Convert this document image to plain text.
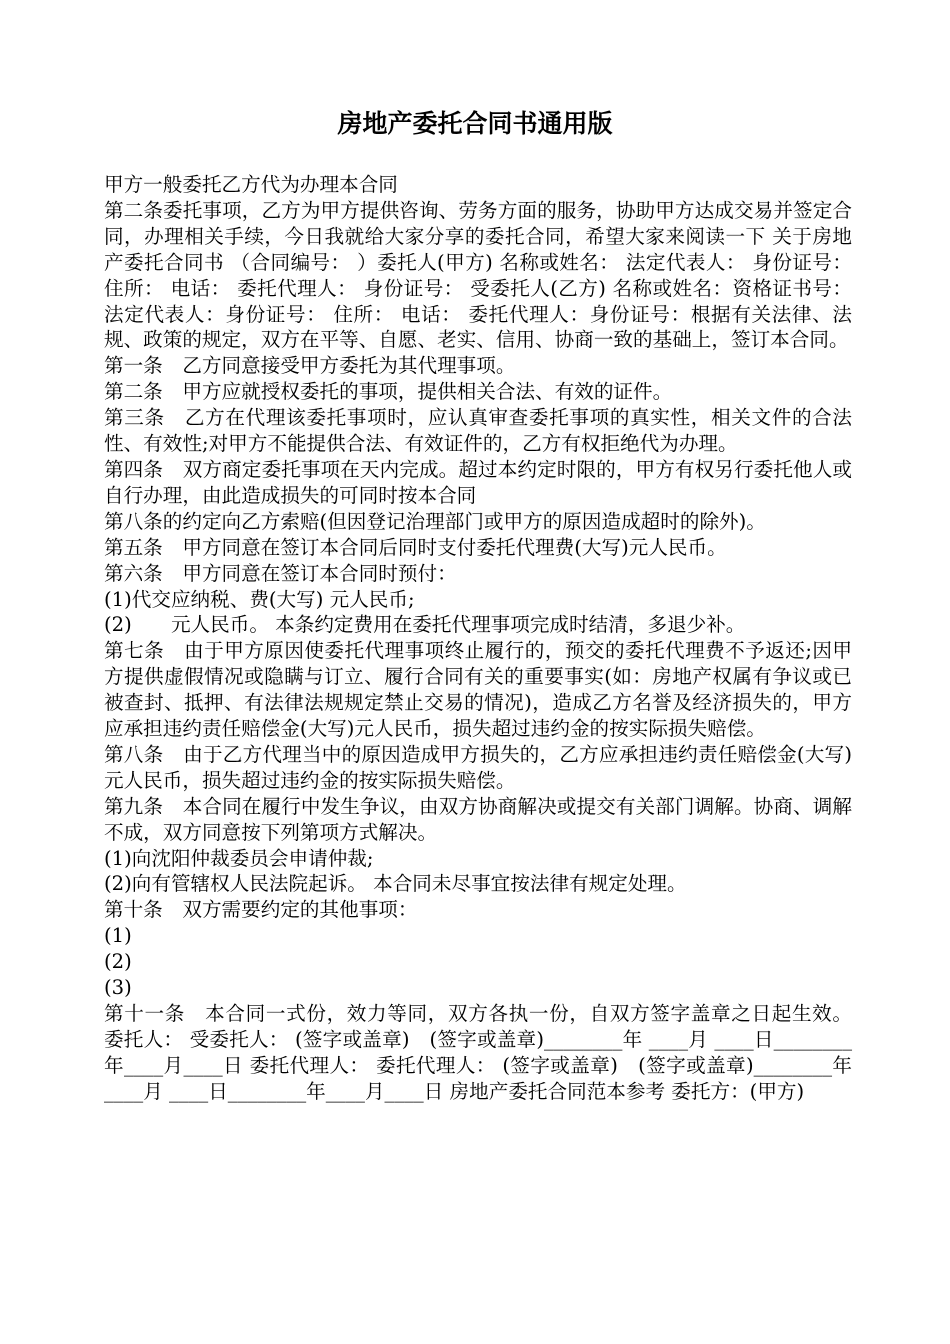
房地产委托合同书通用版

甲方一般委托乙方代为办理本合同

第二条委托事项，乙方为甲方提供咨询、劳务方面的服务，协助甲方达成交易并签定合同，办理相关手续，今日我就给大家分享的委托合同，希望大家来阅读一下 关于房地产委托合同书 （合同编号： ）委托人(甲方) 名称或姓名： 法定代表人： 身份证号： 住所： 电话： 委托代理人： 身份证号： 受委托人(乙方) 名称或姓名：资格证书号：法定代表人：身份证号： 住所： 电话： 委托代理人：身份证号：根据有关法律、法规、政策的规定，双方在平等、自愿、老实、信用、协商一致的基础上，签订本合同。

第一条　乙方同意接受甲方委托为其代理事项。

第二条　甲方应就授权委托的事项，提供相关合法、有效的证件。

第三条　乙方在代理该委托事项时，应认真审查委托事项的真实性，相关文件的合法性、有效性;对甲方不能提供合法、有效证件的，乙方有权拒绝代为办理。

第四条　双方商定委托事项在天内完成。超过本约定时限的，甲方有权另行委托他人或自行办理，由此造成损失的可同时按本合同

第八条的约定向乙方索赔(但因登记治理部门或甲方的原因造成超时的除外)。

第五条　甲方同意在签订本合同后同时支付委托代理费(大写)元人民币。

第六条　甲方同意在签订本合同时预付：

(1)代交应纳税、费(大写) 元人民币;

(2)　　元人民币。 本条约定费用在委托代理事项完成时结清，多退少补。

第七条　由于甲方原因使委托代理事项终止履行的，预交的委托代理费不予返还;因甲方提供虚假情况或隐瞒与订立、履行合同有关的重要事实(如：房地产权属有争议或已被查封、抵押、有法律法规规定禁止交易的情况)，造成乙方名誉及经济损失的，甲方应承担违约责任赔偿金(大写)元人民币，损失超过违约金的按实际损失赔偿。

第八条　由于乙方代理当中的原因造成甲方损失的，乙方应承担违约责任赔偿金(大写)元人民币，损失超过违约金的按实际损失赔偿。

第九条　本合同在履行中发生争议，由双方协商解决或提交有关部门调解。协商、调解不成，双方同意按下列第项方式解决。

(1)向沈阳仲裁委员会申请仲裁;

(2)向有管辖权人民法院起诉。 本合同未尽事宜按法律有规定处理。

第十条　双方需要约定的其他事项：

(1)

(2)

(3)

第十一条　本合同一式份，效力等同，双方各执一份，自双方签字盖章之日起生效。 委托人： 受委托人： (签字或盖章)　(签字或盖章)________年 ____月 ____日________年____月____日 委托代理人： 委托代理人： (签字或盖章)　(签字或盖章)________年 ____月 ____日________年____月____日 房地产委托合同范本参考 委托方：(甲方)
